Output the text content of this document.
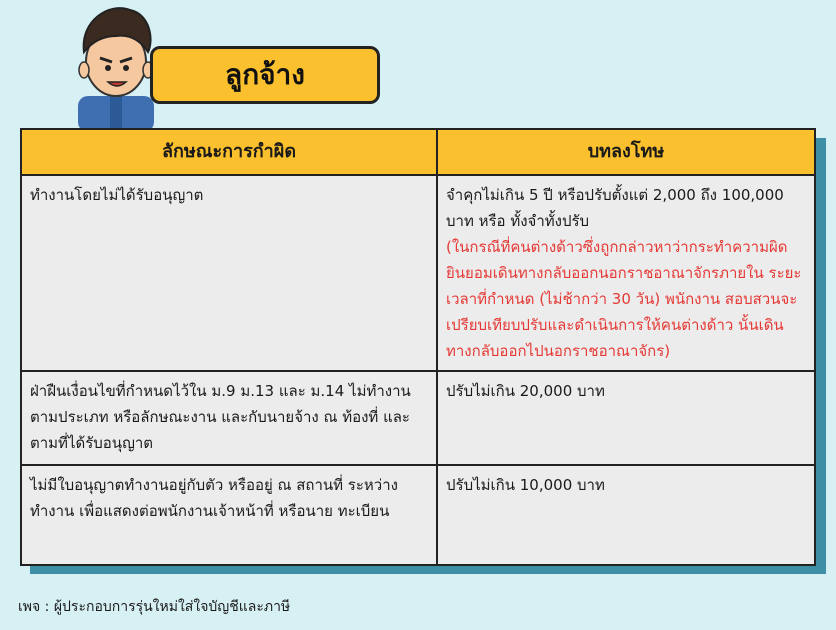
ลูกจ้าง
ลักษณะการกำผิด	บทลงโทษ
ทำงานโดยไม่ได้รับอนุญาต	จำคุกไม่เกิน 5 ปี หรือปรับตั้งแต่ 2,000 ถึง 100,000 บาท หรือ ทั้งจำทั้งปรับ
(ในกรณีที่คนต่างด้าวซึ่งถูกกล่าวหาว่ากระทำความผิด ยินยอมเดินทางกลับออกนอกราชอาณาจักรภายใน ระยะเวลาที่กำหนด (ไม่ช้ากว่า 30 วัน) พนักงาน สอบสวนจะเปรียบเทียบปรับและดำเนินการให้คนต่างด้าว นั้นเดินทางกลับออกไปนอกราชอาณาจักร)
ฝ่าฝืนเงื่อนไขที่กำหนดไว้ใน ม.9 ม.13 และ ม.14 ไม่ทำงานตามประเภท หรือลักษณะงาน และกับนายจ้าง ณ ท้องที่ และตามที่ได้รับอนุญาต	ปรับไม่เกิน 20,000 บาท
ไม่มีใบอนุญาตทำงานอยู่กับตัว หรืออยู่ ณ สถานที่ ระหว่างทำงาน เพื่อแสดงต่อพนักงานเจ้าหน้าที่ หรือนาย ทะเบียน	ปรับไม่เกิน 10,000 บาท
เพจ : ผู้ประกอบการรุ่นใหม่ใส่ใจบัญชีและภาษี
